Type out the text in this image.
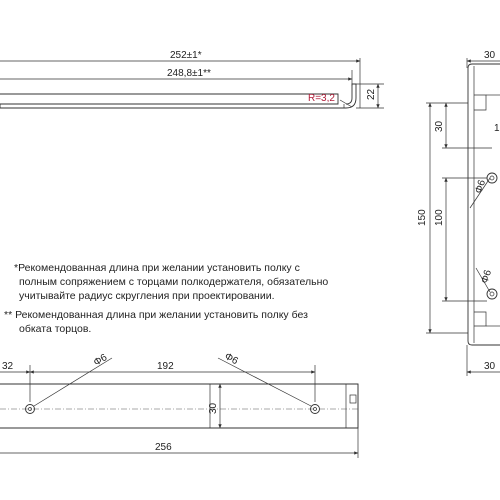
252±1*
248,8±1**
R=3,2	22
*Рекомендованная длина при желании установить полку с
полным сопряжением с торцами полкодержателя, обязательно
учитывайте радиус скругления при проектировании.
** Рекомендованная длина при желании установить полку без
обката торцов.
30
150
30
100
1
Φ6
Φ6
30
32	192
Φ6	Φ6
30
256
